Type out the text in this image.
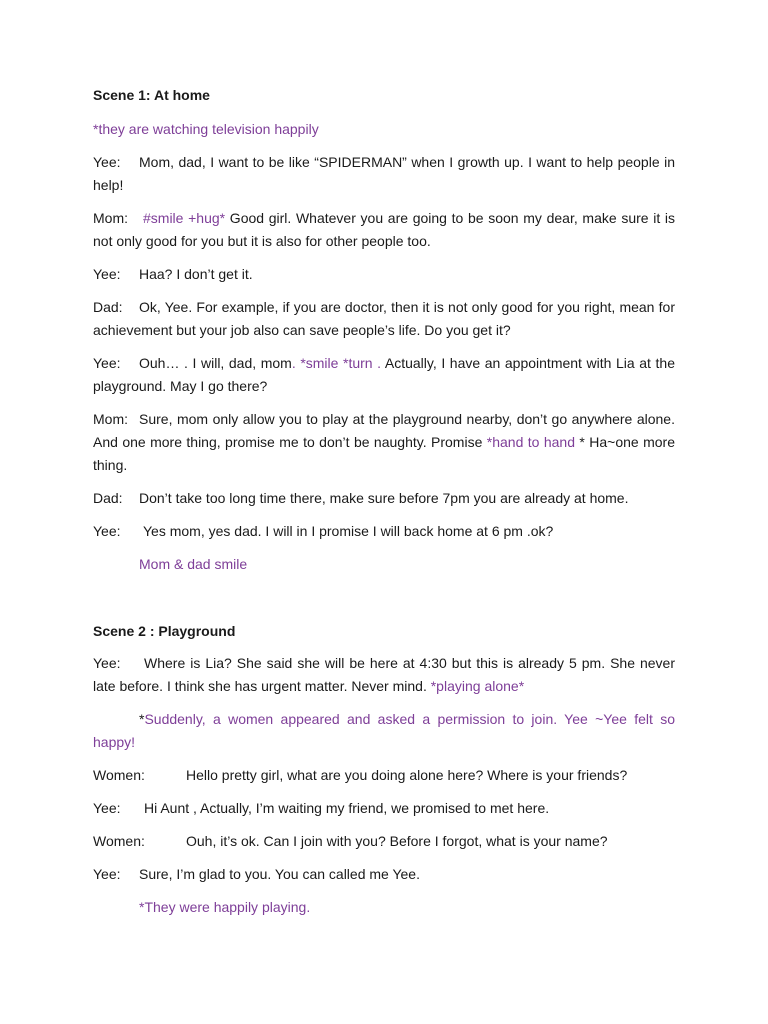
Scene 1: At home

*they are watching television happily

Yee: Mom, dad, I want to be like “SPIDERMAN” when I growth up. I want to help people in help!

Mom: #smile +hug* Good girl. Whatever you are going to be soon my dear, make sure it is not only good for you but it is also for other people too.

Yee: Haa? I don’t get it.

Dad: Ok, Yee. For example, if you are doctor, then it is not only good for you right, mean for achievement but your job also can save people’s life. Do you get it?

Yee: Ouh… . I will, dad, mom. *smile *turn . Actually, I have an appointment with Lia at the playground. May I go there?

Mom: Sure, mom only allow you to play at the playground nearby, don’t go anywhere alone. And one more thing, promise me to don’t be naughty. Promise *hand to hand * Ha~one more thing.

Dad: Don’t take too long time there, make sure before 7pm you are already at home.

Yee: Yes mom, yes dad. I will in I promise I will back home at 6 pm .ok?

Mom & dad smile

Scene 2 : Playground

Yee: Where is Lia? She said she will be here at 4:30 but this is already 5 pm. She never late before. I think she has urgent matter. Never mind. *playing alone*

*Suddenly, a women appeared and asked a permission to join. Yee ~Yee felt so happy!

Women:	Hello pretty girl, what are you doing alone here? Where is your friends?

Yee: Hi Aunt , Actually, I’m waiting my friend, we promised to met here.

Women:	Ouh, it’s ok. Can I join with you? Before I forgot, what is your name?

Yee: Sure, I’m glad to you. You can called me Yee.

*They were happily playing.
